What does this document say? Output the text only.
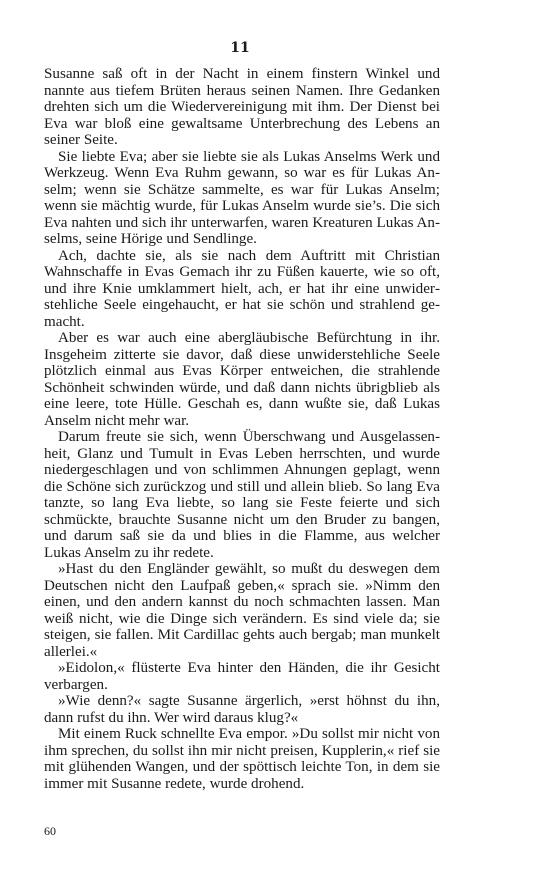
11

Susanne saß oft in der Nacht in einem finstern Winkel und nannte aus tiefem Brüten heraus seinen Namen. Ihre Gedanken drehten sich um die Wiedervereinigung mit ihm. Der Dienst bei Eva war bloß eine gewaltsame Unterbrechung des Lebens an seiner Seite.

Sie liebte Eva; aber sie liebte sie als Lukas Anselms Werk und Werkzeug. Wenn Eva Ruhm gewann, so war es für Lukas Anselm; wenn sie Schätze sammelte, es war für Lukas Anselm; wenn sie mächtig wurde, für Lukas Anselm wurde sie’s. Die sich Eva nahten und sich ihr unterwarfen, waren Kreaturen Lukas Anselms, seine Hörige und Sendlinge.

Ach, dachte sie, als sie nach dem Auftritt mit Christian Wahnschaffe in Evas Gemach ihr zu Füßen kauerte, wie so oft, und ihre Knie umklammert hielt, ach, er hat ihr eine unwiderstehliche Seele eingehaucht, er hat sie schön und strahlend gemacht.

Aber es war auch eine abergläubische Befürchtung in ihr. Insgeheim zitterte sie davor, daß diese unwiderstehliche Seele plötzlich einmal aus Evas Körper entweichen, die strahlende Schönheit schwinden würde, und daß dann nichts übrigblieb als eine leere, tote Hülle. Geschah es, dann wußte sie, daß Lukas Anselm nicht mehr war.

Darum freute sie sich, wenn Überschwang und Ausgelassenheit, Glanz und Tumult in Evas Leben herrschten, und wurde niedergeschlagen und von schlimmen Ahnungen geplagt, wenn die Schöne sich zurückzog und still und allein blieb. So lang Eva tanzte, so lang Eva liebte, so lang sie Feste feierte und sich schmückte, brauchte Susanne nicht um den Bruder zu bangen, und darum saß sie da und blies in die Flamme, aus welcher Lukas Anselm zu ihr redete.

»Hast du den Engländer gewählt, so mußt du deswegen dem Deutschen nicht den Laufpaß geben,« sprach sie. »Nimm den einen, und den andern kannst du noch schmachten lassen. Man weiß nicht, wie die Dinge sich verändern. Es sind viele da; sie steigen, sie fallen. Mit Cardillac gehts auch bergab; man munkelt allerlei.«

»Eidolon,« flüsterte Eva hinter den Händen, die ihr Gesicht verbargen.

»Wie denn?« sagte Susanne ärgerlich, »erst höhnst du ihn, dann rufst du ihn. Wer wird daraus klug?«

Mit einem Ruck schnellte Eva empor. »Du sollst mir nicht von ihm sprechen, du sollst ihn mir nicht preisen, Kupplerin,« rief sie mit glühenden Wangen, und der spöttisch leichte Ton, in dem sie immer mit Susanne redete, wurde drohend.

60
